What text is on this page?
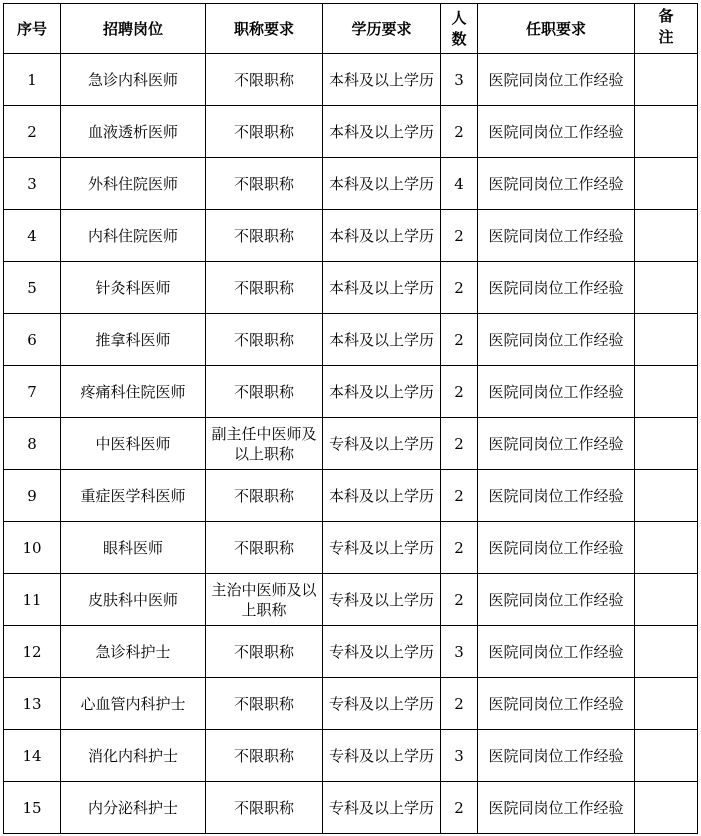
序号	招聘岗位	职称要求	学历要求	人数	任职要求	备注
1	急诊内科医师	不限职称	本科及以上学历	3	医院同岗位工作经验	
2	血液透析医师	不限职称	本科及以上学历	2	医院同岗位工作经验	
3	外科住院医师	不限职称	本科及以上学历	4	医院同岗位工作经验	
4	内科住院医师	不限职称	本科及以上学历	2	医院同岗位工作经验	
5	针灸科医师	不限职称	本科及以上学历	2	医院同岗位工作经验	
6	推拿科医师	不限职称	本科及以上学历	2	医院同岗位工作经验	
7	疼痛科住院医师	不限职称	本科及以上学历	2	医院同岗位工作经验	
8	中医科医师	副主任中医师及以上职称	专科及以上学历	2	医院同岗位工作经验	
9	重症医学科医师	不限职称	本科及以上学历	2	医院同岗位工作经验	
10	眼科医师	不限职称	专科及以上学历	2	医院同岗位工作经验	
11	皮肤科中医师	主治中医师及以上职称	专科及以上学历	2	医院同岗位工作经验	
12	急诊科护士	不限职称	专科及以上学历	3	医院同岗位工作经验	
13	心血管内科护士	不限职称	专科及以上学历	2	医院同岗位工作经验	
14	消化内科护士	不限职称	专科及以上学历	3	医院同岗位工作经验	
15	内分泌科护士	不限职称	专科及以上学历	2	医院同岗位工作经验	
